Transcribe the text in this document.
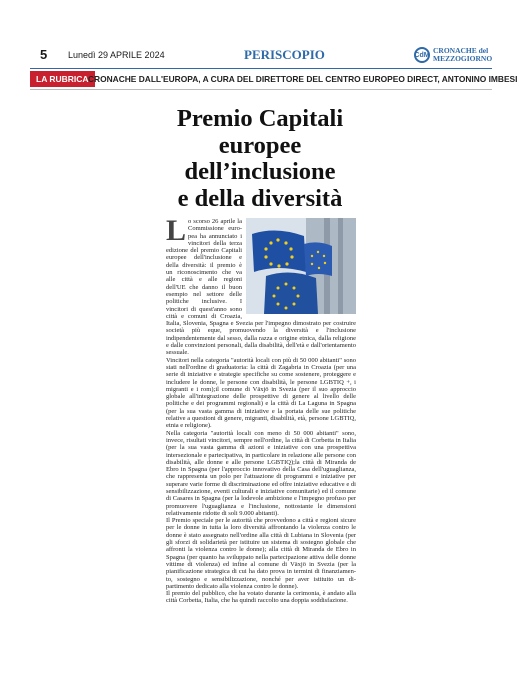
5 Lunedì 29 APRILE 2024	PERISCOPIO	CdM CRONACHE del
MEZZOGIORNO
LA RUBRICA CRONACHE DALL'EUROPA, A CURA DEL DIRETTORE DEL CENTRO EUROPEO DIRECT, ANTONINO IMBESI
Premio Capitali
europee
dell’inclusione
e della diversità

Lo scorso 26 aprile la Commissione europea ha annunciato i vincitori della terza edizione del premio Capitali europee dell'inclusione e della diversità: il premio è un riconoscimento che va alle città e alle regioni dell'UE che danno il buon esempio nel settore delle politiche inclusive. I vincitori di quest'anno sono città e comuni di Croazia, Italia, Slovenia, Spagna e Svezia per l'impegno dimostrato per costruire società più eque, promuovendo la diversità e l'inclusione indipendentemente dal sesso, dalla razza e origine etnica, dalla religione e dalle convinzioni personali, dalla disabilità, dell'età e dall'orientamento sessuale.

Vincitori nella categoria "autorità locali con più di 50 000 abitanti" sono stati nell'ordine di graduatoria: la città di Zagabria in Croazia (per una serie di iniziative e strategie specifiche su come sostenere, proteggere e includere le donne, le persone con disabilità, le persone LGBTIQ +, i migranti e i rom);il comune di Växjö in Svezia (per il suo approccio globale all'integrazione delle prospettive di genere al livello delle politiche e dei programmi regionali) e la città di La Laguna in Spagna (per la sua vasta gamma di iniziative e la portata delle sue politiche relative a questioni di genere, migranti, disabilità, età, persone LGBTIQ, etnia e religione).

Nella categoria "autorità locali con meno di 50 000 abitanti" sono, invece, risultati vincitori, sempre nell'ordine, la città di Corbetta in Italia (per la sua vasta gamma di azioni e iniziative con una prospettiva intersezionale e partecipativa, in particolare in relazione alle persone con disabilità, alle donne e alle persone LGBTIQ);la città di Miranda de Ebro in Spagna (per l'approccio innovativo della Casa dell'uguaglianza, che rappresenta un polo per l'attuazione di programmi e iniziative per superare varie forme di discriminazione ed offre iniziative educative e di sensibilizzazione, eventi culturali e iniziative comunitarie) ed il comune di Casares in Spagna (per la lodevole ambizione e l'impegno profuso per promuovere l'uguaglianza e l'inclusione, nottostante le dimensioni relativamente ridotte di soli 9.000 abitanti).

Il Premio speciale per le autorità che provvedono a città e regioni sicure per le donne in tutta la loro diversità affrontando la violenza contro le donne è stato assegnato nell'ordine alla città di Lubiana in Slovenia (per gli sforzi di solidarietà per istituire un sistema di sostegno globale che affronti la violenza contro le donne); alla città di Miranda de Ebro in Spagna (per quanto ha sviluppato nella partecipazione attiva delle donne vittime di violenza) ed infine al comune di Växjö in Svezia (per la pianificazione strategica di cui ha dato prova in termini di finanziamento, sostegno e sensibilizzazione, nonché per aver istituito un dipartimento dedicato alla violenza contro le donne).

Il premio del pubblico, che ha votato durante la cerimonia, è andato alla città Corbetta, Italia, che ha quindi raccolto una doppia soddisfazione.
